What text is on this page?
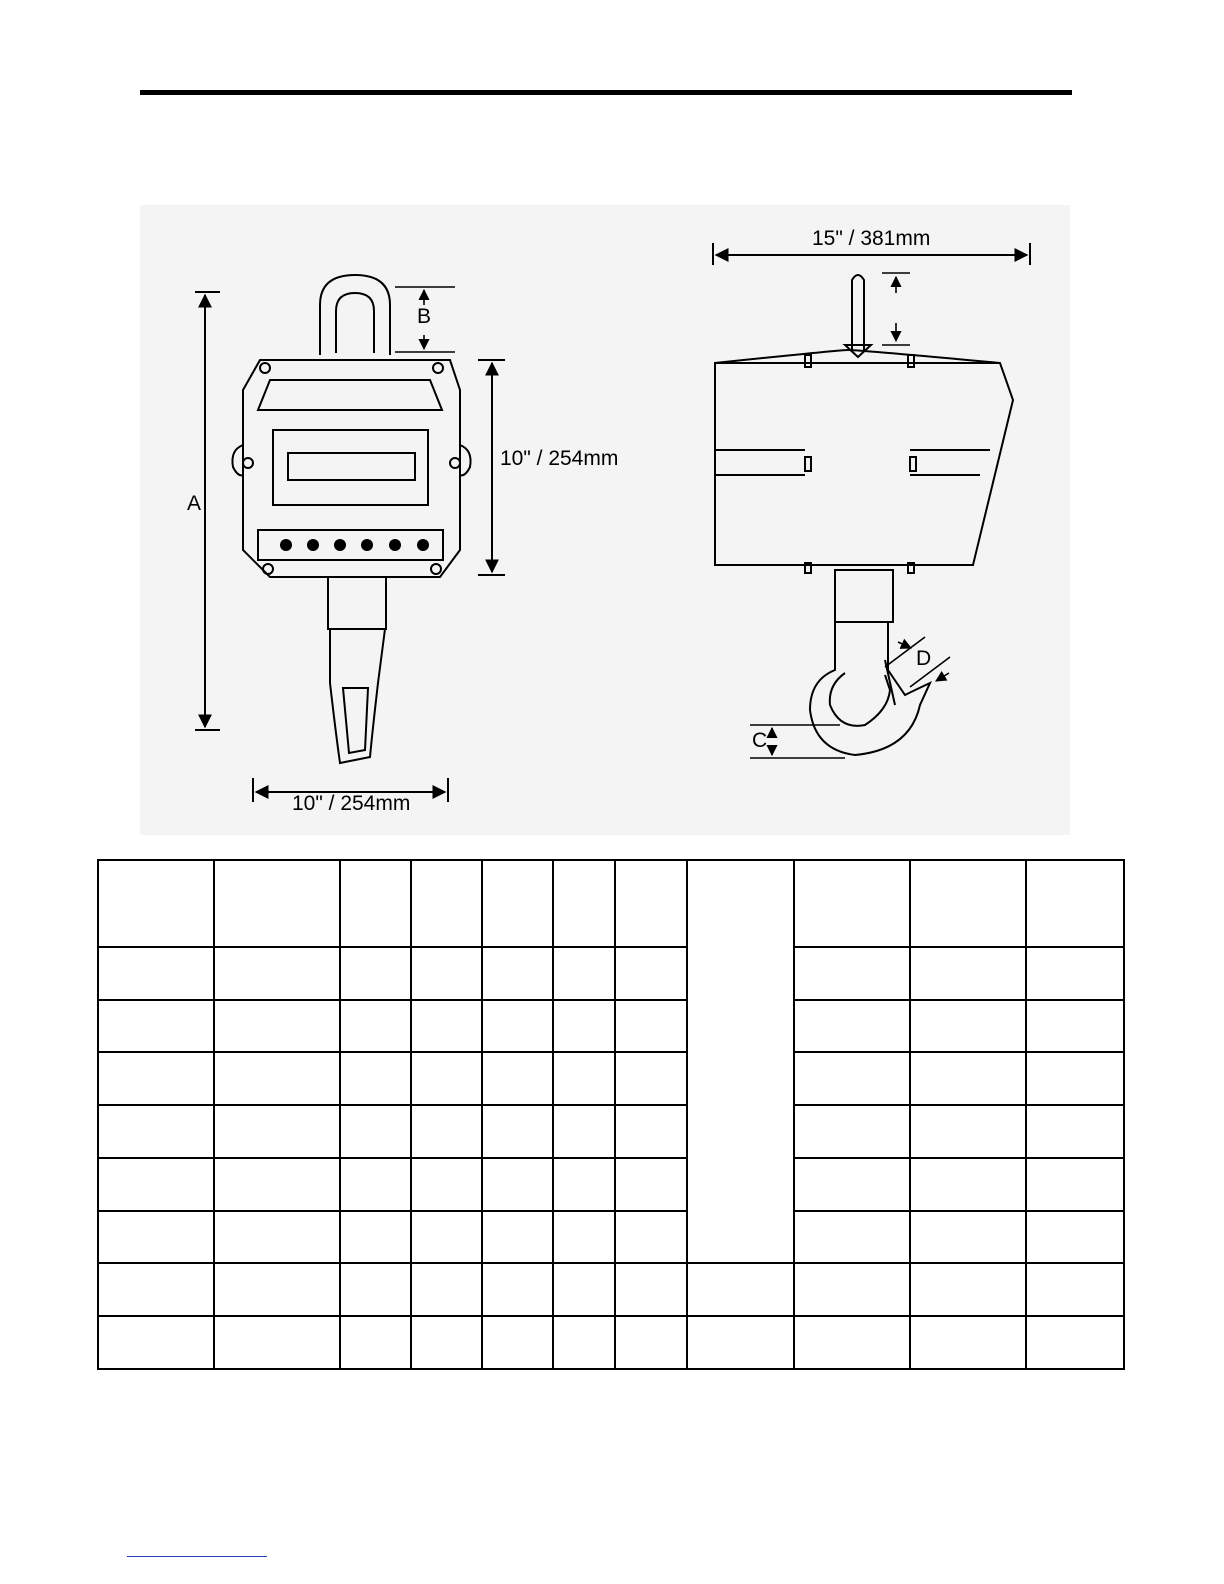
A
B
10" / 254mm
10" / 254mm
15" / 381mm
C
D
